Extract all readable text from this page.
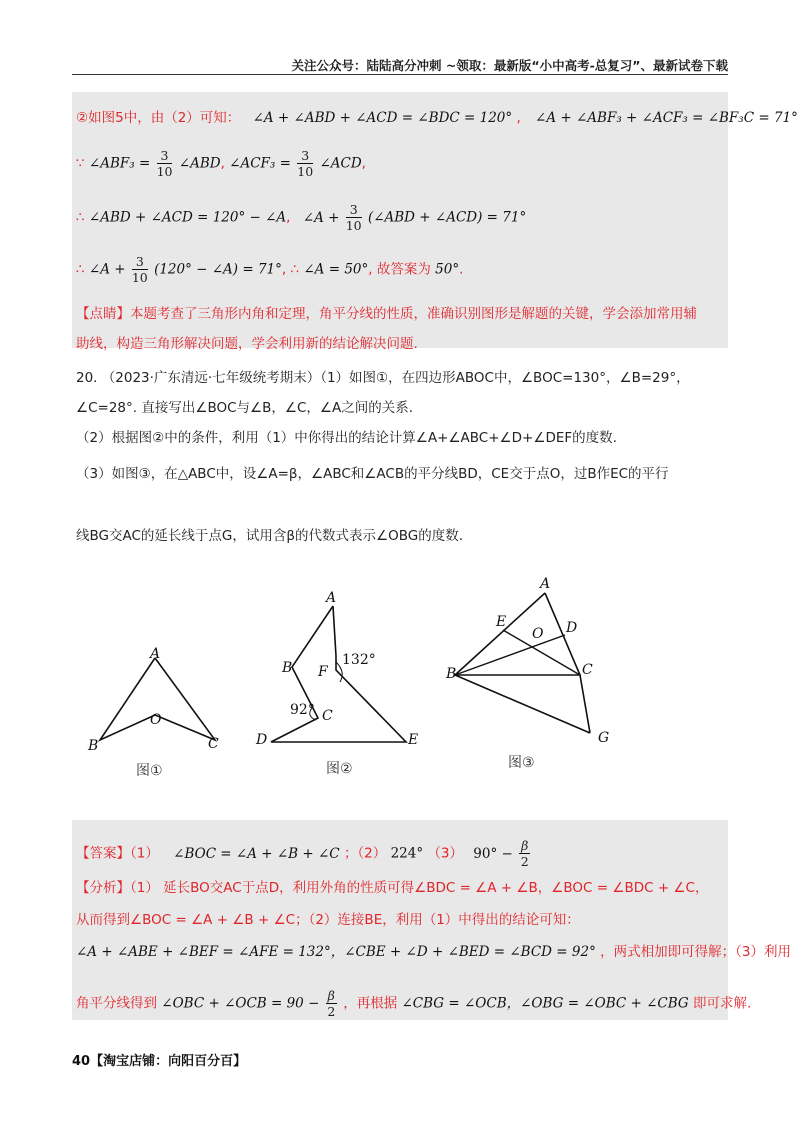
关注公众号：陆陆高分冲刺 ~领取：最新版“小中高考-总复习”、最新试卷下载
②如图5中，由（2）可知： ∠A + ∠ABD + ∠ACD = ∠BDC = 120° , ∠A + ∠ABF₃ + ∠ACF₃ = ∠BF₃C = 71°
∵ ∠ABF₃ = $\frac{3}{10}$ ∠ABD, ∠ACF₃ = $\frac{3}{10}$ ∠ACD,
∴ ∠ABD + ∠ACD = 120° − ∠A, ∠A + $\frac{3}{10}$ (∠ABD + ∠ACD) = 71°
∴ ∠A + $\frac{3}{10} (120^\circ$ − ∠A) = 71°, ∴ ∠A = 50°, 故答案为 50°.
【点睛】本题考查了三角形内角和定理，角平分线的性质，准确识别图形是解题的关键，学会添加常用辅
助线，构造三角形解决问题，学会利用新的结论解决问题.
20. （2023·广东清远·七年级统考期末）（1）如图①，在四边形ABOC中，∠BOC=130°，∠B=29°，
∠C=28°. 直接写出∠BOC与∠B，∠C，∠A之间的关系.
（2）根据图②中的条件，利用（1）中你得出的结论计算∠A+∠ABC+∠D+∠DEF的度数.
（3）如图③，在△ABC中，设∠A=β，∠ABC和∠ACB的平分线BD，CE交于点O，过B作EC的平行
线BG交AC的延长线于点G，试用含β的代数式表示∠OBG的度数.
A
B
O
C
图①
A
B F
132°
92° C
D	E
图②
A
E
O D
B	C
G
图③
【答案】（1） ∠BOC = ∠A + ∠B + ∠C ；（2） 224° （3） $90^\circ - \frac{\beta}{2}$
【分析】（1） 延长BO交AC于点D，利用外角的性质可得∠BDC = ∠A + ∠B，∠BOC = ∠BDC + ∠C，
从而得到∠BOC = ∠A + ∠B + ∠C；（2）连接BE，利用（1）中得出的结论可知：
∠A + ∠ABE + ∠BEF = ∠AFE = 132°，∠CBE + ∠D + ∠BED = ∠BCD = 92° ，两式相加即可得解；（3）利用
角平分线得到 ∠OBC + ∠OCB = $90 - \frac{\beta}{2}$ ，再根据 ∠CBG = ∠OCB，∠OBG = ∠OBC + ∠CBG 即可求解.
40【淘宝店铺：向阳百分百】
